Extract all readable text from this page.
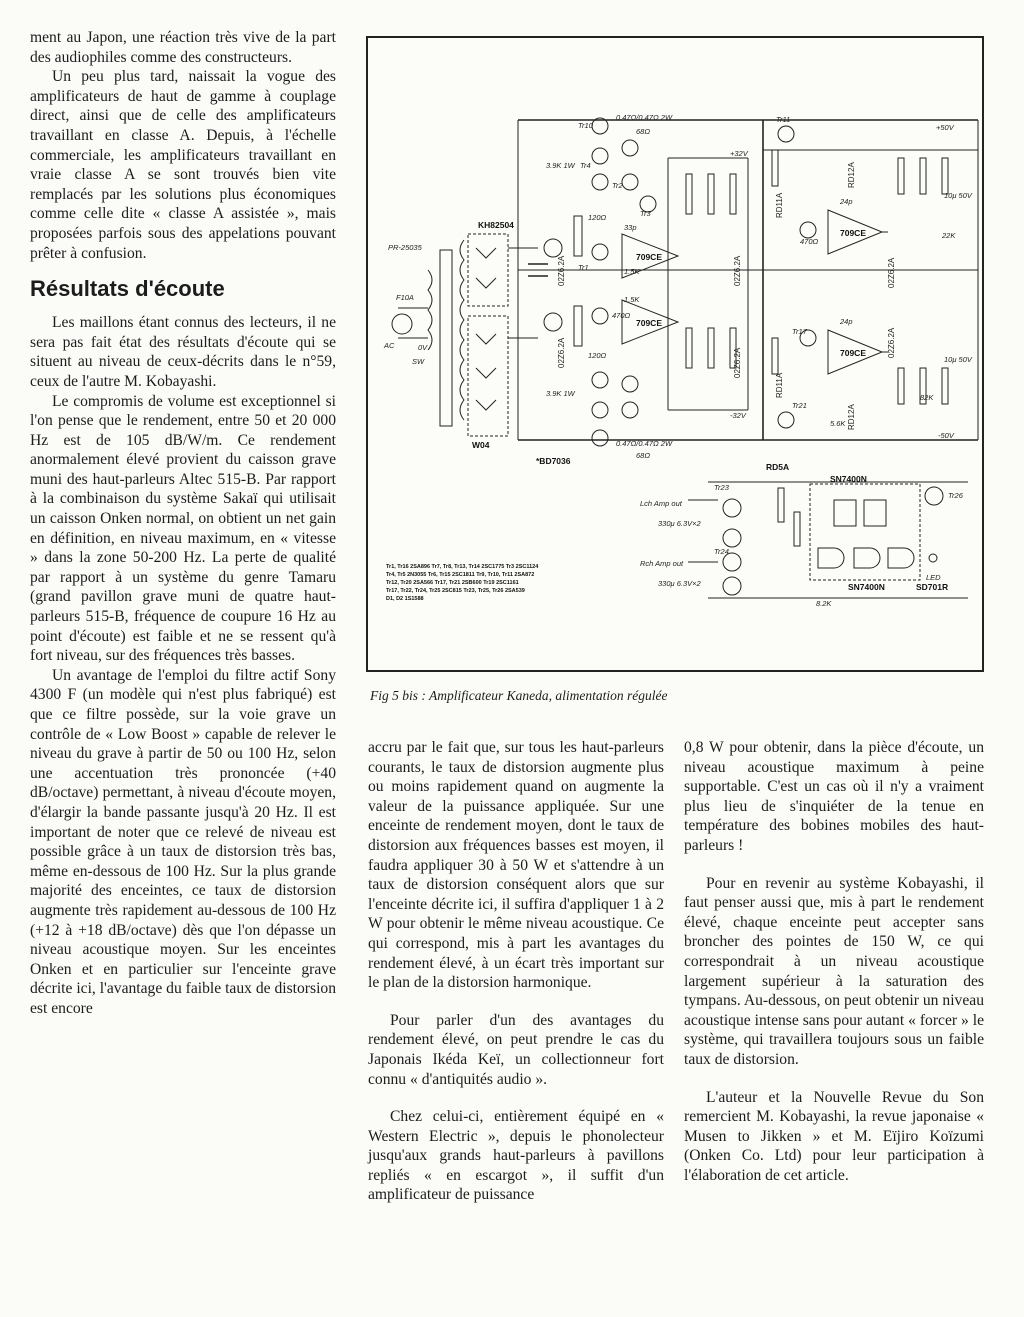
ment au Japon, une réaction très vive de la part des audiophiles comme des constructeurs.

Un peu plus tard, naissait la vogue des amplificateurs de haut de gamme à couplage direct, ainsi que de celle des amplificateurs travaillant en classe A. Depuis, à l'échelle commerciale, les amplificateurs travaillant en vraie classe A se sont trouvés bien vite remplacés par les solutions plus économiques comme celle dite « classe A assistée », mais proposées parfois sous des appelations pouvant prêter à confusion.

Résultats d'écoute

Les maillons étant connus des lecteurs, il ne sera pas fait état des résultats d'écoute qui se situent au niveau de ceux-décrits dans le n°59, ceux de l'autre M. Kobayashi.

Le compromis de volume est exceptionnel si l'on pense que le rendement, entre 50 et 20 000 Hz est de 105 dB/W/m. Ce rendement anormalement élevé provient du caisson grave muni des haut-parleurs Altec 515-B. Par rapport à la combinaison du système Sakaï qui utilisait un caisson Onken normal, on obtient un net gain en définition, en niveau maximum, en « vitesse » dans la zone 50-200 Hz. La perte de qualité par rapport à un système du genre Tamaru (grand pavillon grave muni de quatre haut-parleurs 515-B, fréquence de coupure 16 Hz au point d'écoute) est faible et ne se ressent qu'à fort niveau, sur des fréquences très basses.

Un avantage de l'emploi du filtre actif Sony 4300 F (un modèle qui n'est plus fabriqué) est que ce filtre possède, sur la voie grave un contrôle de « Low Boost » capable de relever le niveau du grave à partir de 50 ou 100 Hz, selon une accentuation très prononcée (+40 dB/octave) permettant, à niveau d'écoute moyen, d'élargir la bande passante jusqu'à 20 Hz. Il est important de noter que ce relevé de niveau est possible grâce à un taux de distorsion très bas, même en-dessous de 100 Hz. Sur la plus grande majorité des enceintes, ce taux de distorsion augmente très rapidement au-dessous de 100 Hz (+12 à +18 dB/octave) dès que l'on dépasse un niveau acoustique moyen. Sur les enceintes Onken et en particulier sur l'enceinte grave décrite ici, l'avantage du faible taux de distorsion est encore

KH82504
PR-25035
F10A
AC
SW
0V
W04
*BD7036
RD5A
SN7400N
SN7400N
LED
SD701R
Lch Amp out
Rch Amp out
+50V
-50V
+32V
-32V
709CE
709CE
709CE
709CE
02Z6.2A
02Z6.2A
02Z6.2A
02Z6.2A
02Z6.2A
02Z6.2A
RD12A
RD12A
RD11A
RD11A
0.47Ω/0.47Ω 2W
0.47Ω/0.47Ω 2W
68Ω
68Ω
120Ω
120Ω
5.6K
1.5K
1.5K
470Ω
470Ω
3.9K 1W
3.9K 1W
22K
8.2K
82K
24p
24p
33p
10μ 50V
10μ 50V
330μ 6.3V×2
330μ 6.3V×2
Tr1
Tr2
Tr3
Tr4
Tr10
Tr11
Tr17
Tr21
Tr23
Tr24
Tr26
Tr1, Tr16 2SA896 Tr7, Tr8, Tr13, Tr14 2SC1775 Tr3 2SC1124
Tr4, Tr5 2N3055 Tr6, Tr15 2SC1811 Tr9, Tr10, Tr11 2SA872
Tr12, Tr20 2SA566 Tr17, Tr21 2SB600 Tr19 2SC1161
Tr17, Tr22, Tr24, Tr25 2SC815 Tr23, Tr25, Tr26 2SA539
D1, D2 1S1588
Fig 5 bis : Amplificateur Kaneda, alimentation régulée

accru par le fait que, sur tous les haut-parleurs courants, le taux de distorsion augmente plus ou moins rapidement quand on augmente la valeur de la puissance appliquée. Sur une enceinte de rendement moyen, dont le taux de distorsion aux fréquences basses est moyen, il faudra appliquer 30 à 50 W et s'attendre à un taux de distorsion conséquent alors que sur l'enceinte décrite ici, il suffira d'appliquer 1 à 2 W pour obtenir le même niveau acoustique. Ce qui correspond, mis à part les avantages du rendement élevé, à un écart très important sur le plan de la distorsion harmonique.

Pour parler d'un des avantages du rendement élevé, on peut prendre le cas du Japonais Ikéda Keï, un collectionneur fort connu « d'antiquités audio ».

Chez celui-ci, entièrement équipé en « Western Electric », depuis le phonolecteur jusqu'aux grands haut-parleurs à pavillons repliés « en escargot », il suffit d'un amplificateur de puissance

0,8 W pour obtenir, dans la pièce d'écoute, un niveau acoustique maximum à peine supportable. C'est un cas où il n'y a vraiment plus lieu de s'inquiéter de la tenue en température des bobines mobiles des haut-parleurs !

Pour en revenir au système Kobayashi, il faut penser aussi que, mis à part le rendement élevé, chaque enceinte peut accepter sans broncher des pointes de 150 W, ce qui correspondrait à un niveau acoustique largement supérieur à la saturation des tympans. Au-dessous, on peut obtenir un niveau acoustique intense sans pour autant « forcer » le système, qui travaillera toujours sous un faible taux de distorsion.

L'auteur et la Nouvelle Revue du Son remercient M. Kobayashi, la revue japonaise « Musen to Jikken » et M. Eïjiro Koïzumi (Onken Co. Ltd) pour leur participation à l'élaboration de cet article.
